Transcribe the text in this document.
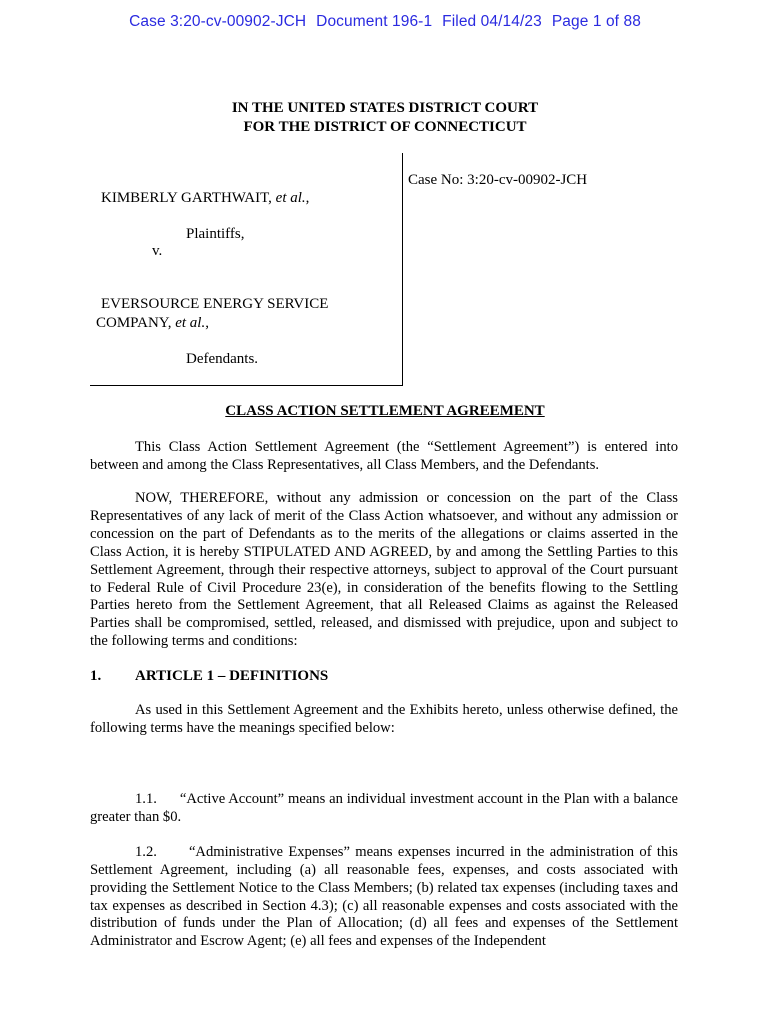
Case 3:20-cv-00902-JCH Document 196-1 Filed 04/14/23 Page 1 of 88
IN THE UNITED STATES DISTRICT COURT
FOR THE DISTRICT OF CONNECTICUT
KIMBERLY GARTHWAIT, et al.,
Plaintiffs,
v.
EVERSOURCE ENERGY SERVICE
COMPANY, et al.,
Defendants.
Case No: 3:20-cv-00902-JCH
CLASS ACTION SETTLEMENT AGREEMENT

This Class Action Settlement Agreement (the “Settlement Agreement”) is entered into between and among the Class Representatives, all Class Members, and the Defendants.

NOW, THEREFORE, without any admission or concession on the part of the Class Representatives of any lack of merit of the Class Action whatsoever, and without any admission or concession on the part of Defendants as to the merits of the allegations or claims asserted in the Class Action, it is hereby STIPULATED AND AGREED, by and among the Settling Parties to this Settlement Agreement, through their respective attorneys, subject to approval of the Court pursuant to Federal Rule of Civil Procedure 23(e), in consideration of the benefits flowing to the Settling Parties hereto from the Settlement Agreement, that all Released Claims as against the Released Parties shall be compromised, settled, released, and dismissed with prejudice, upon and subject to the following terms and conditions:

1. ARTICLE 1 – DEFINITIONS

As used in this Settlement Agreement and the Exhibits hereto, unless otherwise defined, the following terms have the meanings specified below:

1.1.      “Active Account” means an individual investment account in the Plan with a balance greater than $0.

1.2.      “Administrative Expenses” means expenses incurred in the administration of this Settlement Agreement, including (a) all reasonable fees, expenses, and costs associated with providing the Settlement Notice to the Class Members; (b) related tax expenses (including taxes and tax expenses as described in Section 4.3); (c) all reasonable expenses and costs associated with the distribution of funds under the Plan of Allocation; (d) all fees and expenses of the Settlement Administrator and Escrow Agent; (e) all fees and expenses of the Independent
